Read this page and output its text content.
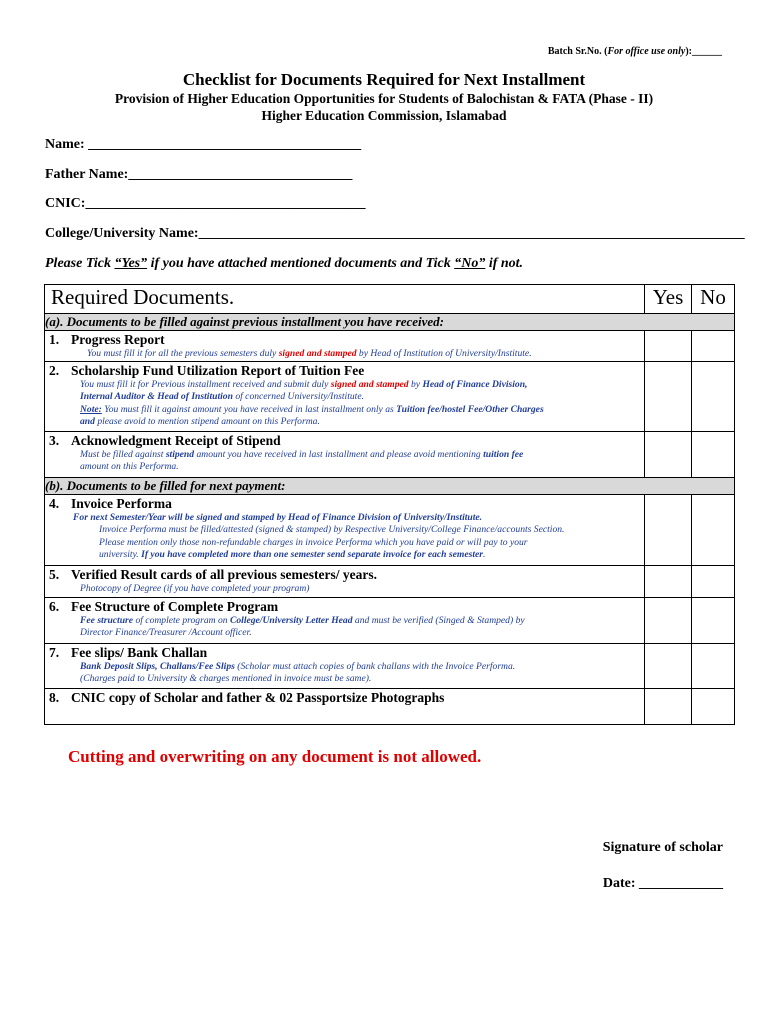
Batch Sr.No. (For office use only):______
Checklist for Documents Required for Next Installment
Provision of Higher Education Opportunities for Students of Balochistan & FATA (Phase - II)
Higher Education Commission, Islamabad
Name: _______________________________________
Father Name:________________________________
CNIC:________________________________________
College/University Name:______________________________________________________________________________
Please Tick “Yes” if you have attached mentioned documents and Tick “No” if not.
Required Documents.	Yes	No
(a). Documents to be filled against previous installment you have received:		

1. Progress Report
You must fill it for all the previous semesters duly signed and stamped by Head of Institution of University/Institute.		

2. Scholarship Fund Utilization Report of Tuition Fee
You must fill it for Previous installment received and submit duly signed and stamped by Head of Finance Division,
Internal Auditor & Head of Institution of concerned University/Institute.
Note: You must fill it against amount you have received in last installment only as Tuition fee/hostel Fee/Other Charges
and please avoid to mention stipend amount on this Performa.		

3. Acknowledgment Receipt of Stipend
Must be filled against stipend amount you have received in last installment and please avoid mentioning tuition fee
amount on this Performa.		

(b). Documents to be filled for next payment:		

4. Invoice Performa
For next Semester/Year will be signed and stamped by Head of Finance Division of University/Institute.
Invoice Performa must be filled/attested (signed & stamped) by Respective University/College Finance/accounts Section.
Please mention only those non-refundable charges in invoice Performa which you have paid or will pay to your
university. If you have completed more than one semester send separate invoice for each semester.		

5. Verified Result cards of all previous semesters/ years.
Photocopy of Degree (if you have completed your program)		

6. Fee Structure of Complete Program
Fee structure of complete program on College/University Letter Head and must be verified (Singed & Stamped) by
Director Finance/Treasurer /Account officer.		

7. Fee slips/ Bank Challan
Bank Deposit Slips, Challans/Fee Slips (Scholar must attach copies of bank challans with the Invoice Performa.
(Charges paid to University & charges mentioned in invoice must be same).		

8. CNIC copy of Scholar and father & 02 Passportsize Photographs		

Cutting and overwriting on any document is not allowed.
Signature of scholar
Date: ____________
